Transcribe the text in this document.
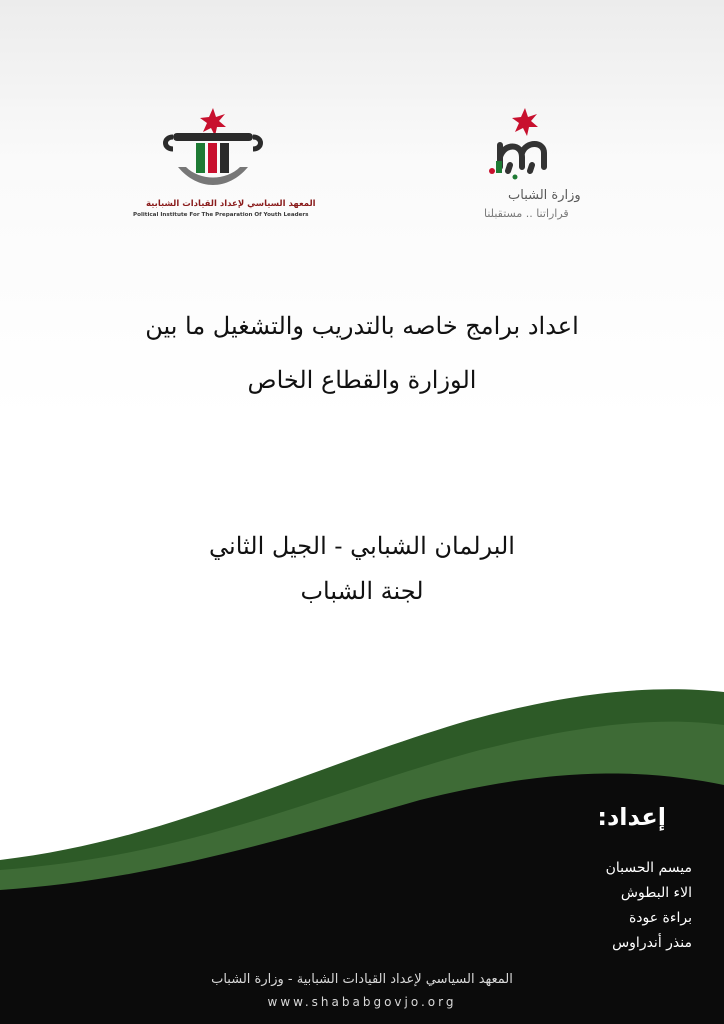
وزارة الشباب
قراراتنا .. مستقبلنا
المعهد السياسي لإعداد القيادات الشبابية
Political Institute For The Preparation Of Youth Leaders
اعداد برامج خاصه بالتدريب والتشغيل ما بين
الوزارة والقطاع الخاص
البرلمان الشبابي - الجيل الثاني
لجنة الشباب
إعداد:
ميسم الحسبان
الاء البطوش
براءة عودة
منذر أندراوس
المعهد السياسي لإعداد القيادات الشبابية - وزارة الشباب
www.shababgovjo.org
